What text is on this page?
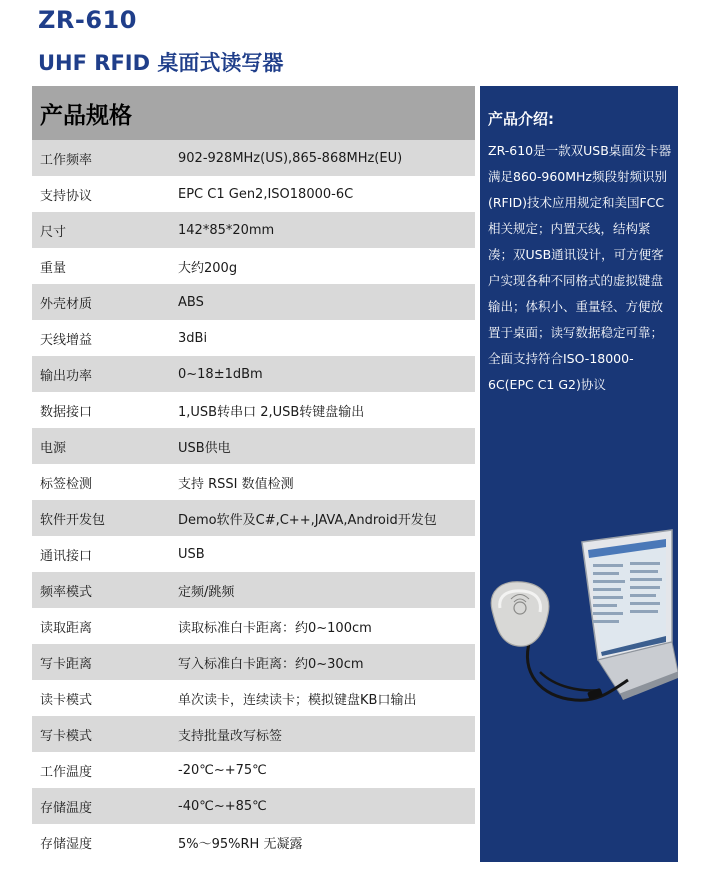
ZR-610
UHF RFID 桌面式读写器
产品规格
工作频率	902-928MHz(US),865-868MHz(EU)
支持协议	EPC C1 Gen2,ISO18000-6C
尺寸	142*85*20mm
重量	大约200g
外壳材质	ABS
天线增益	3dBi
输出功率	0~18±1dBm
数据接口	1,USB转串口 2,USB转键盘输出
电源	USB供电
标签检测	支持 RSSI 数值检测
软件开发包	Demo软件及C#,C++,JAVA,Android开发包
通讯接口	USB
频率模式	定频/跳频
读取距离	读取标准白卡距离：约0~100cm
写卡距离	写入标准白卡距离：约0~30cm
读卡模式	单次读卡，连续读卡；模拟键盘KB口输出
写卡模式	支持批量改写标签
工作温度	-20℃~+75℃
存储温度	-40℃~+85℃
存储湿度	5%～95%RH 无凝露
产品介绍:
ZR-610是一款双USB桌面发卡器 满足860-960MHz频段射频识别(RFID)技术应用规定和美国FCC相关规定；内置天线，结构紧凑；双USB通讯设计，可方便客户实现各种不同格式的虚拟键盘输出；体积小、重量轻、方便放置于桌面；读写数据稳定可靠；全面支持符合ISO-18000-6C(EPC C1 G2)协议
